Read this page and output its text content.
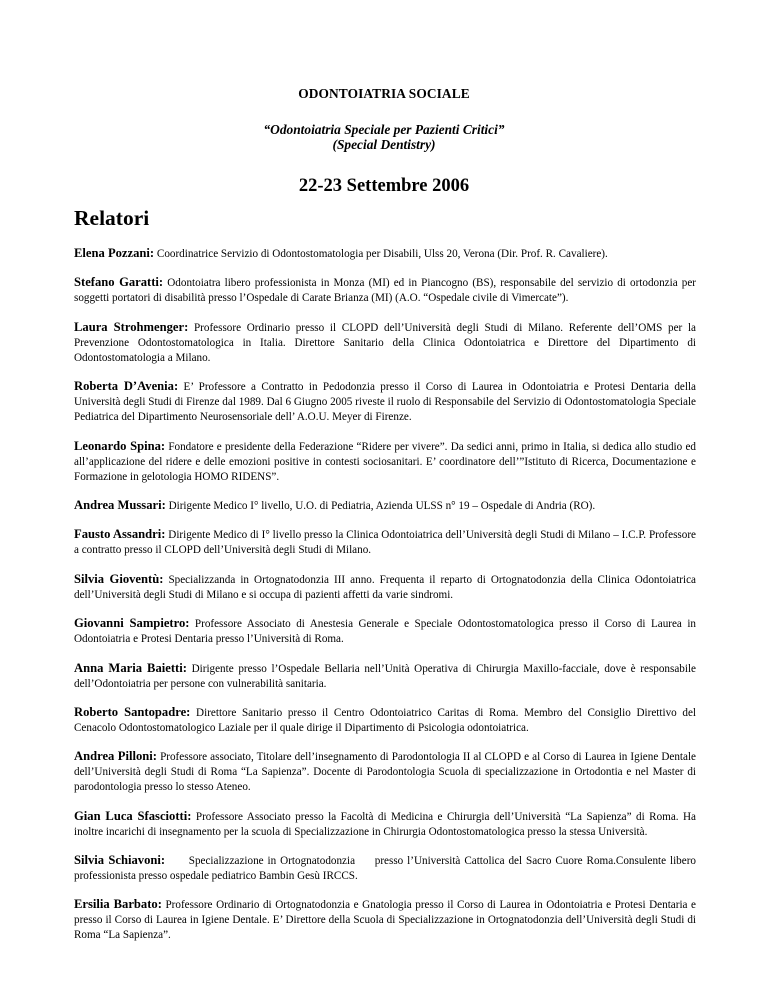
ODONTOIATRIA SOCIALE
“Odontoiatria Speciale per Pazienti Critici”
(Special Dentistry)
22-23 Settembre 2006
Relatori

Elena Pozzani: Coordinatrice Servizio di Odontostomatologia per Disabili, Ulss 20, Verona (Dir. Prof. R. Cavaliere).

Stefano Garatti: Odontoiatra libero professionista in Monza (MI) ed in Piancogno (BS), responsabile del servizio di ortodonzia per soggetti portatori di disabilità presso l’Ospedale di Carate Brianza (MI) (A.O. “Ospedale civile di Vimercate”).

Laura Strohmenger: Professore Ordinario presso il CLOPD dell’Università degli Studi di Milano. Referente dell’OMS per la Prevenzione Odontostomatologica in Italia. Direttore Sanitario della Clinica Odontoiatrica e Direttore del Dipartimento di Odontostomatologia a Milano.

Roberta D’Avenia: E’ Professore a Contratto in Pedodonzia presso il Corso di Laurea in Odontoiatria e Protesi Dentaria della Università degli Studi di Firenze dal 1989. Dal 6 Giugno 2005 riveste il ruolo di Responsabile del Servizio di Odontostomatologia Speciale Pediatrica del Dipartimento Neurosensoriale dell’ A.O.U. Meyer di Firenze.

Leonardo Spina: Fondatore e presidente della Federazione “Ridere per vivere”. Da sedici anni, primo in Italia, si dedica allo studio ed all’applicazione del ridere e delle emozioni positive in contesti sociosanitari. E’ coordinatore dell’”Istituto di Ricerca, Documentazione e Formazione in gelotologia HOMO RIDENS”.

Andrea Mussari: Dirigente Medico I° livello, U.O. di Pediatria, Azienda ULSS n° 19 – Ospedale di Andria (RO).

Fausto Assandri: Dirigente Medico di I° livello presso la Clinica Odontoiatrica dell’Università degli Studi di Milano – I.C.P. Professore a contratto presso il CLOPD dell’Università degli Studi di Milano.

Silvia Gioventù: Specializzanda in Ortognatodonzia III anno. Frequenta il reparto di Ortognatodonzia della Clinica Odontoiatrica dell’Università degli Studi di Milano e si occupa di pazienti affetti da varie sindromi.

Giovanni Sampietro: Professore Associato di Anestesia Generale e Speciale Odontostomatologica presso il Corso di Laurea in Odontoiatria e Protesi Dentaria presso l’Università di Roma.

Anna Maria Baietti: Dirigente presso l’Ospedale Bellaria nell’Unità Operativa di Chirurgia Maxillo-facciale, dove è responsabile dell’Odontoiatria per persone con vulnerabilità sanitaria.

Roberto Santopadre: Direttore Sanitario presso il Centro Odontoiatrico Caritas di Roma. Membro del Consiglio Direttivo del Cenacolo Odontostomatologico Laziale per il quale dirige il Dipartimento di Psicologia odontoiatrica.

Andrea Pilloni: Professore associato, Titolare dell’insegnamento di Parodontologia II al CLOPD e al Corso di Laurea in Igiene Dentale dell’Università degli Studi di Roma “La Sapienza”. Docente di Parodontologia Scuola di specializzazione in Ortodontia e nel Master di parodontologia presso lo stesso Ateneo.

Gian Luca Sfasciotti: Professore Associato presso la Facoltà di Medicina e Chirurgia dell’Università “La Sapienza” di Roma. Ha inoltre incarichi di insegnamento per la scuola di Specializzazione in Chirurgia Odontostomatologica presso la stessa Università.

Silvia Schiavoni:      Specializzazione in Ortognatodonzia     presso l’Università Cattolica del Sacro Cuore Roma.Consulente libero professionista presso ospedale pediatrico Bambin Gesù IRCCS.

Ersilia Barbato: Professore Ordinario di Ortognatodonzia e Gnatologia presso il Corso di Laurea in Odontoiatria e Protesi Dentaria e presso il Corso di Laurea in Igiene Dentale. E’ Direttore della Scuola di Specializzazione in Ortognatodonzia dell’Università degli Studi di Roma “La Sapienza”.
